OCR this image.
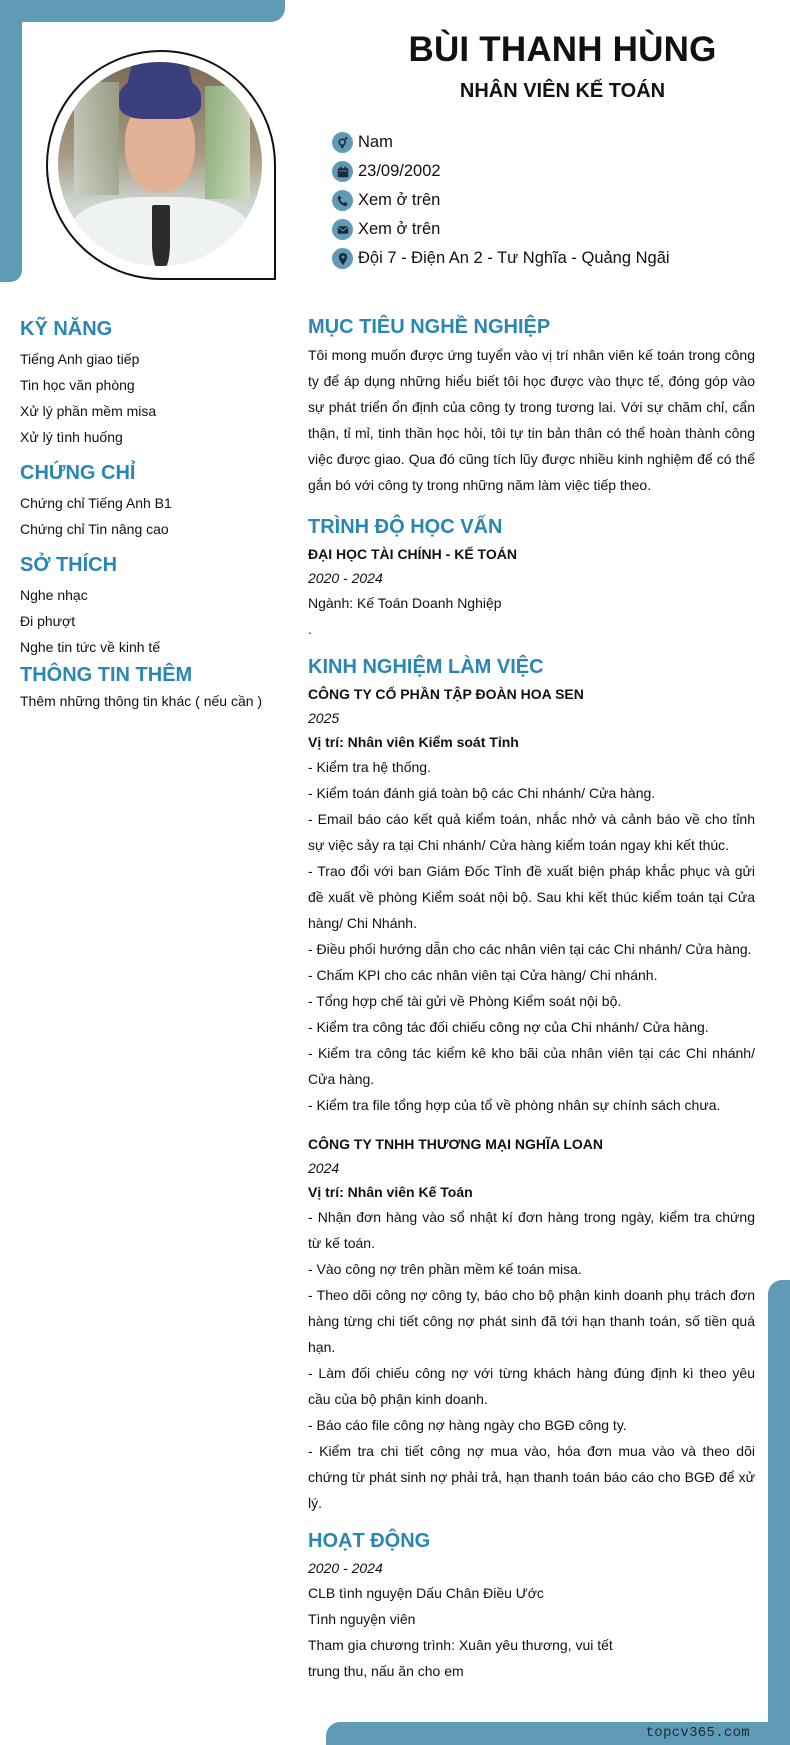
topcv365.com
BÙI THANH HÙNG
NHÂN VIÊN KẾ TOÁN
Nam
23/09/2002
Xem ở trên
Xem ở trên
Đội 7 - Điện An 2 - Tư Nghĩa - Quảng Ngãi
KỸ NĂNG
Tiếng Anh giao tiếp
Tin học văn phòng
Xử lý phần mềm misa
Xử lý tình huống
CHỨNG CHỈ
Chứng chỉ Tiếng Anh B1
Chứng chỉ Tin nâng cao
SỞ THÍCH
Nghe nhạc
Đi phượt
Nghe tin tức về kinh tế
THÔNG TIN THÊM
Thêm những thông tin khác ( nếu cần )
MỤC TIÊU NGHỀ NGHIỆP
Tôi mong muốn được ứng tuyển vào vị trí nhân viên kế toán trong công ty để áp dụng những hiểu biết tôi học được vào thực tế, đóng góp vào sự phát triển ổn định của công ty trong tương lai. Với sự chăm chỉ, cẩn thận, tỉ mỉ, tinh thần học hỏi, tôi tự tin bản thân có thể hoàn thành công việc được giao. Qua đó cũng tích lũy được nhiều kinh nghiệm để có thể gắn bó với công ty trong những năm làm việc tiếp theo.
TRÌNH ĐỘ HỌC VẤN
ĐẠI HỌC TÀI CHÍNH - KẾ TOÁN
2020 - 2024
Ngành: Kế Toán Doanh Nghiệp
.
KINH NGHIỆM LÀM VIỆC
CÔNG TY CỔ PHẦN TẬP ĐOÀN HOA SEN
2025
Vị trí: Nhân viên Kiểm soát Tỉnh
- Kiểm tra hệ thống.
- Kiểm toán đánh giá toàn bộ các Chi nhánh/ Cửa hàng.
- Email báo cáo kết quả kiểm toán, nhắc nhở và cảnh báo về cho tỉnh sự việc sảy ra tại Chi nhánh/ Cửa hàng kiểm toán ngay khi kết thúc.
- Trao đổi với ban Giám Đốc Tỉnh đề xuất biện pháp khắc phục và gửi đề xuất về phòng Kiểm soát nội bộ. Sau khi kết thúc kiểm toán tại Cửa hàng/ Chi Nhánh.
- Điều phối hướng dẫn cho các nhân viên tại các Chi nhánh/ Cửa hàng.
- Chấm KPI cho các nhân viên tại Cửa hàng/ Chi nhánh.
- Tổng hợp chế tài gửi về Phòng Kiểm soát nội bộ.
- Kiểm tra công tác đối chiếu công nợ của Chi nhánh/ Cửa hàng.
- Kiểm tra công tác kiểm kê kho bãi của nhân viên tại các Chi nhánh/ Cửa hàng.
- Kiểm tra file tổng hợp của tổ về phòng nhân sự chính sách chưa.
CÔNG TY TNHH THƯƠNG MẠI NGHĨA LOAN
2024
Vị trí: Nhân viên Kế Toán
- Nhận đơn hàng vào sổ nhật kí đơn hàng trong ngày, kiểm tra chứng từ kế toán.
- Vào công nợ trên phần mềm kế toán misa.
- Theo dõi công nợ công ty, báo cho bộ phận kinh doanh phụ trách đơn hàng từng chi tiết công nợ phát sinh đã tới hạn thanh toán, số tiền quá hạn.
- Làm đối chiếu công nợ với từng khách hàng đúng định kì theo yêu cầu của bộ phận kinh doanh.
- Báo cáo file công nợ hàng ngày cho BGĐ công ty.
- Kiểm tra chi tiết công nợ mua vào, hóa đơn mua vào và theo dõi chứng từ phát sinh nợ phải trả, hạn thanh toán báo cáo cho BGĐ để xử lý.
HOẠT ĐỘNG
2020 - 2024
CLB tình nguyện Dấu Chân Điều Ước
Tình nguyện viên
Tham gia chương trình: Xuân yêu thương, vui tết trung thu, nấu ăn cho em
